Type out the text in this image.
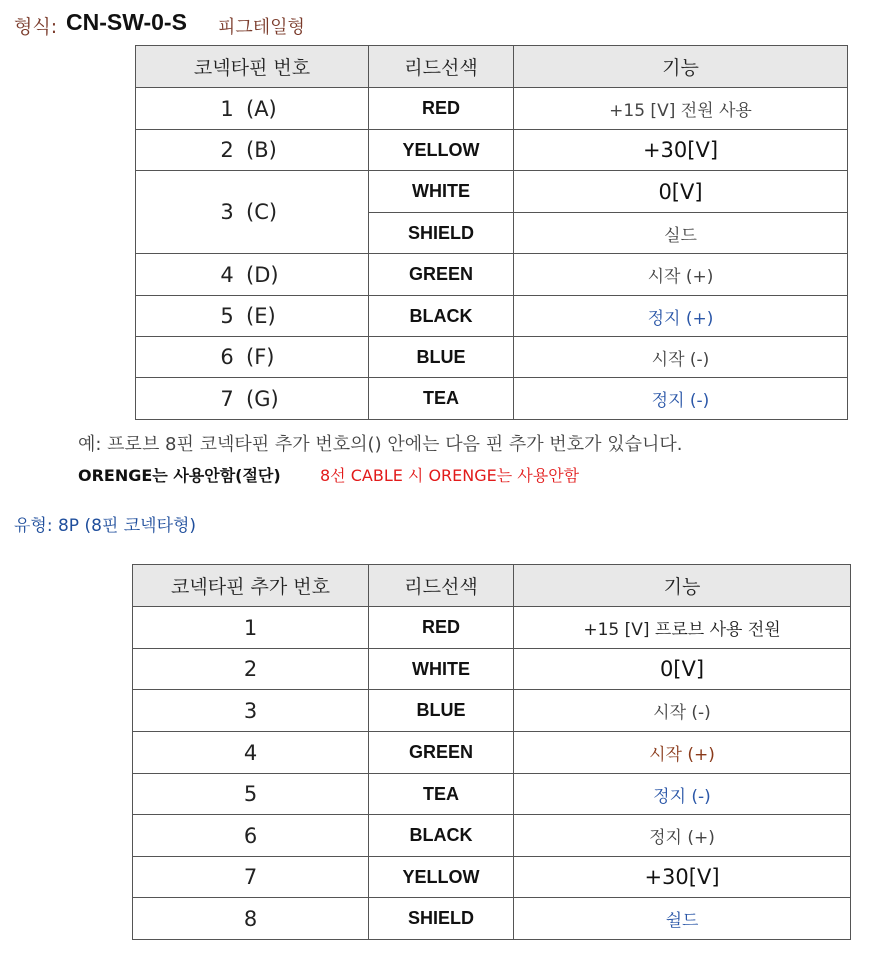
형식: CN-SW-0-S 피그테일형
코넥타핀 번호	리드선색	기능
1 (A)	RED	+15 [V] 전원 사용
2 (B)	YELLOW	+30[V]
3 (C)	WHITE	0[V]
	SHIELD	실드
4 (D)	GREEN	시작 (+)
5 (E)	BLACK	정지 (+)
6 (F)	BLUE	시작 (-)
7 (G)	TEA	정지 (-)
예: 프로브 8핀 코넥타핀 추가 번호의() 안에는 다음 핀 추가 번호가 있습니다.
ORENGE는 사용안함(절단) 8선 CABLE 시 ORENGE는 사용안함
유형: 8P (8핀 코넥타형)
코넥타핀 추가 번호	리드선색	기능
1	RED	+15 [V] 프로브 사용 전원
2	WHITE	0[V]
3	BLUE	시작 (-)
4	GREEN	시작 (+)
5	TEA	정지 (-)
6	BLACK	정지 (+)
7	YELLOW	+30[V]
8	SHIELD	쉴드
